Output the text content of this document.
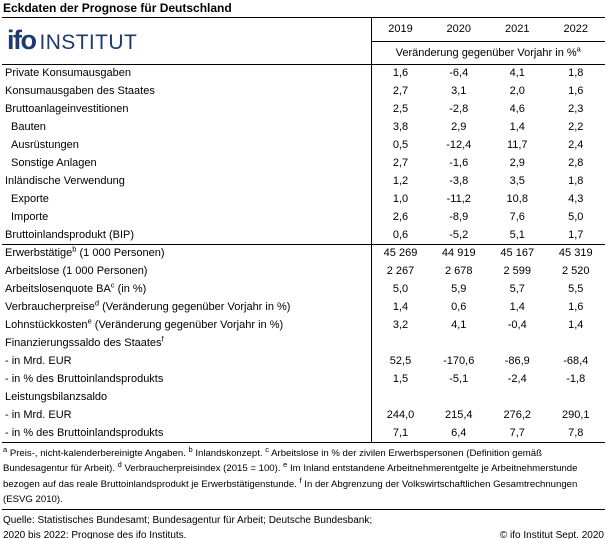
Eckdaten der Prognose für Deutschland
ifo INSTITUT	2019	2020	2021	2022
	Veränderung gegenüber Vorjahr in %$^a$
Private Konsumausgaben	1,6	-6,4	4,1	1,8
Konsumausgaben des Staates	2,7	3,1	2,0	1,6
Bruttoanlageinvestitionen	2,5	-2,8	4,6	2,3
Bauten	3,8	2,9	1,4	2,2
Ausrüstungen	0,5	-12,4	11,7	2,4
Sonstige Anlagen	2,7	-1,6	2,9	2,8
Inländische Verwendung	1,2	-3,8	3,5	1,8
Exporte	1,0	-11,2	10,8	4,3
Importe	2,6	-8,9	7,6	5,0
Bruttoinlandsprodukt (BIP)	0,6	-5,2	5,1	1,7
Erwerbstätige$^b$ (1 000 Personen)	45 269	44 919	45 167	45 319
Arbeitslose (1 000 Personen)	2 267	2 678	2 599	2 520
Arbeitslosenquote $BA^c$ (in %)	5,0	5,9	5,7	5,5
Verbraucherpreise$^d$ (Veränderung gegenüber Vorjahr in %)	1,4	0,6	1,4	1,6
Lohnstückkosten$^e$ (Veränderung gegenüber Vorjahr in %)	3,2	4,1	-0,4	1,4
Finanzierungssaldo des Staates$^f$				
- in Mrd. EUR	52,5	-170,6	-86,9	-68,4
- in % des Bruttoinlandsprodukts	1,5	-5,1	-2,4	-1,8
Leistungsbilanzsaldo				
- in Mrd. EUR	244,0	215,4	276,2	290,1
- in % des Bruttoinlandsprodukts	7,1	6,4	7,7	7,8
$^a$ Preis-, nicht-kalenderbereinigte Angaben. $^b$ Inlandskonzept. $^c$ Arbeitslose in % der zivilen Erwerbspersonen (Definition gemäß Bundesagentur für Arbeit). $^d$ Verbraucherpreisindex (2015 = 100). $^e$ Im Inland entstandene Arbeitnehmerentgelte je Arbeitnehmerstunde bezogen auf das reale Bruttoinlandsprodukt je Erwerbstätigenstunde. $^f$ In der Abgrenzung der Volkswirtschaftlichen Gesamtrechnungen (ESVG 2010).
Quelle: Statistisches Bundesamt; Bundesagentur für Arbeit; Deutsche Bundesbank;
2020 bis 2022: Prognose des ifo Instituts.	© ifo Institut Sept. 2020
